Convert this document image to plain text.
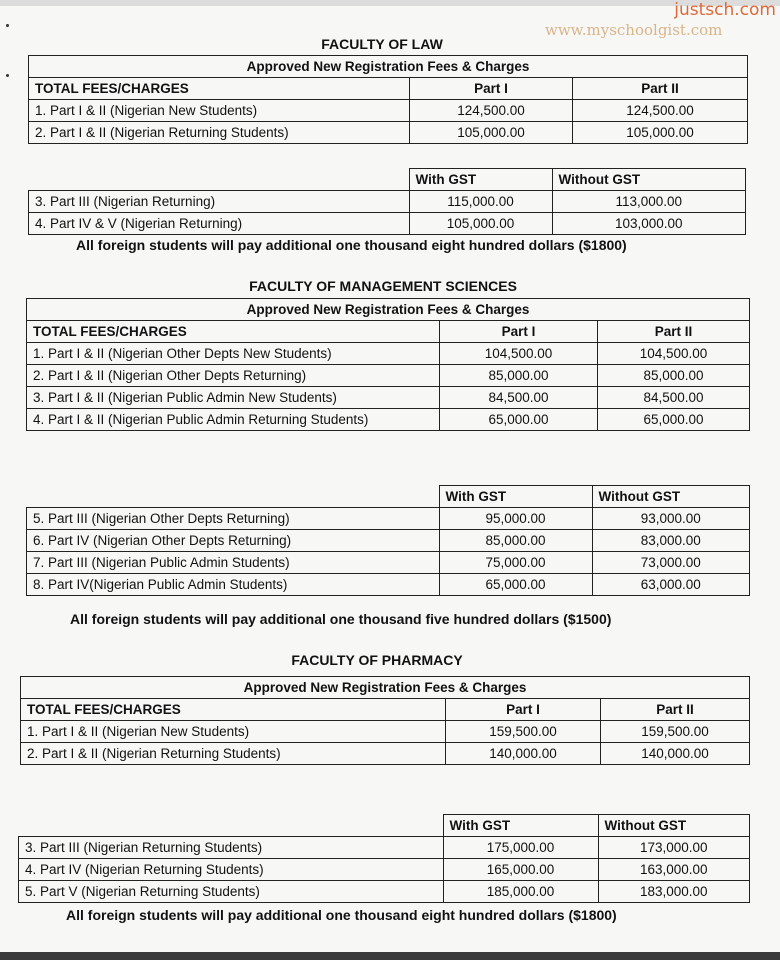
justsch.com
www.myschoolgist.com
FACULTY OF LAW
Approved New Registration Fees & Charges		
TOTAL FEES/CHARGES	Part I	Part II
1. Part I & II (Nigerian New Students)	124,500.00	124,500.00
2. Part I & II (Nigerian Returning Students)	105,000.00	105,000.00
	With GST	Without GST
3. Part III (Nigerian Returning)	115,000.00	113,000.00
4. Part IV & V (Nigerian Returning)	105,000.00	103,000.00
All foreign students will pay additional one thousand eight hundred dollars ($1800)
FACULTY OF MANAGEMENT SCIENCES
Approved New Registration Fees & Charges		
TOTAL FEES/CHARGES	Part I	Part II
1. Part I & II (Nigerian Other Depts New Students)	104,500.00	104,500.00
2. Part I & II (Nigerian Other Depts Returning)	85,000.00	85,000.00
3. Part I & II (Nigerian Public Admin New Students)	84,500.00	84,500.00
4. Part I & II (Nigerian Public Admin Returning Students)	65,000.00	65,000.00
	With GST	Without GST
5. Part III (Nigerian Other Depts Returning)	95,000.00	93,000.00
6. Part IV (Nigerian Other Depts Returning)	85,000.00	83,000.00
7. Part III (Nigerian Public Admin Students)	75,000.00	73,000.00
8. Part IV(Nigerian Public Admin Students)	65,000.00	63,000.00
All foreign students will pay additional one thousand five hundred dollars ($1500)
FACULTY OF PHARMACY
Approved New Registration Fees & Charges		
TOTAL FEES/CHARGES	Part I	Part II
1. Part I & II (Nigerian New Students)	159,500.00	159,500.00
2. Part I & II (Nigerian Returning Students)	140,000.00	140,000.00
	With GST	Without GST
3. Part III (Nigerian Returning Students)	175,000.00	173,000.00
4. Part IV (Nigerian Returning Students)	165,000.00	163,000.00
5. Part V (Nigerian Returning Students)	185,000.00	183,000.00
All foreign students will pay additional one thousand eight hundred dollars ($1800)
